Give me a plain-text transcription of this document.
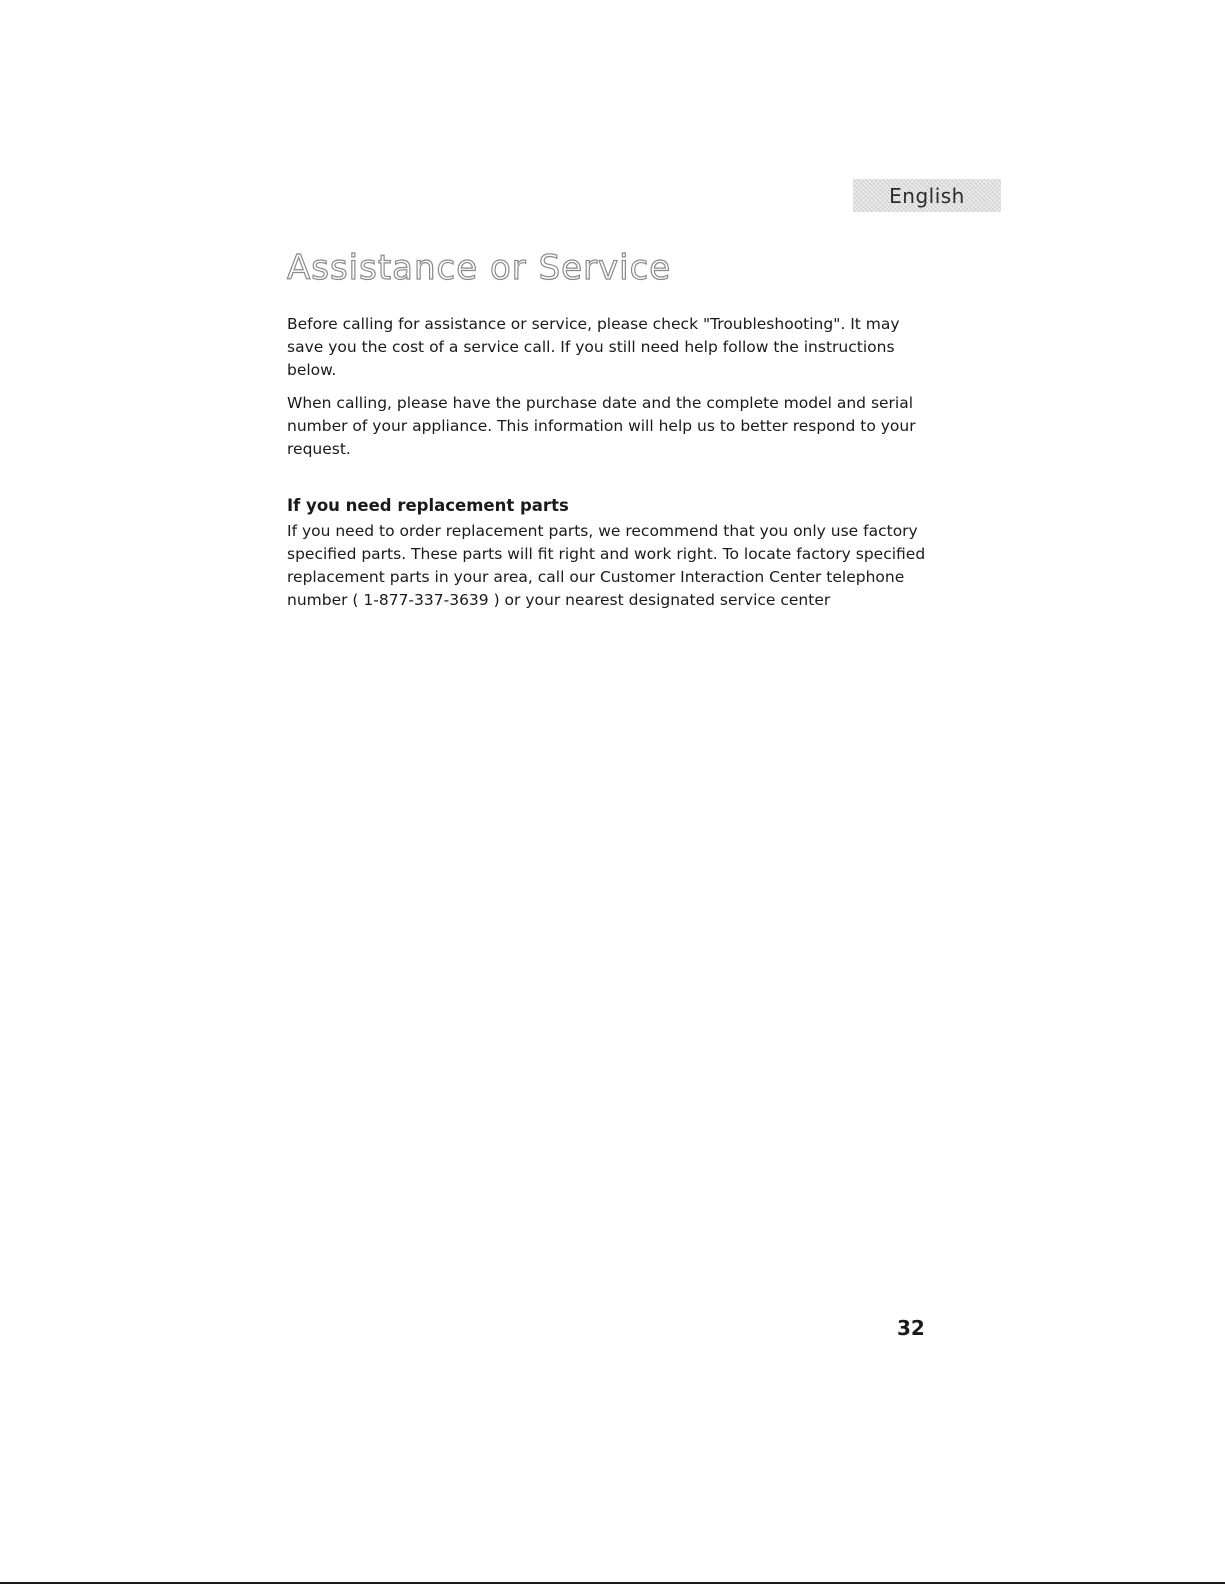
English
Assistance or Service

Before calling for assistance or service, please check "Troubleshooting". It may save you the cost of a service call. If you still need help follow the instructions below.

When calling, please have the purchase date and the complete model and serial number of your appliance. This information will help us to better respond to your request.

If you need replacement parts

If you need to order replacement parts, we recommend that you only use factory specified parts. These parts will fit right and work right. To locate factory specified replacement parts in your area, call our Customer Interaction Center telephone number ( 1-877-337-3639 ) or your nearest designated service center

32
